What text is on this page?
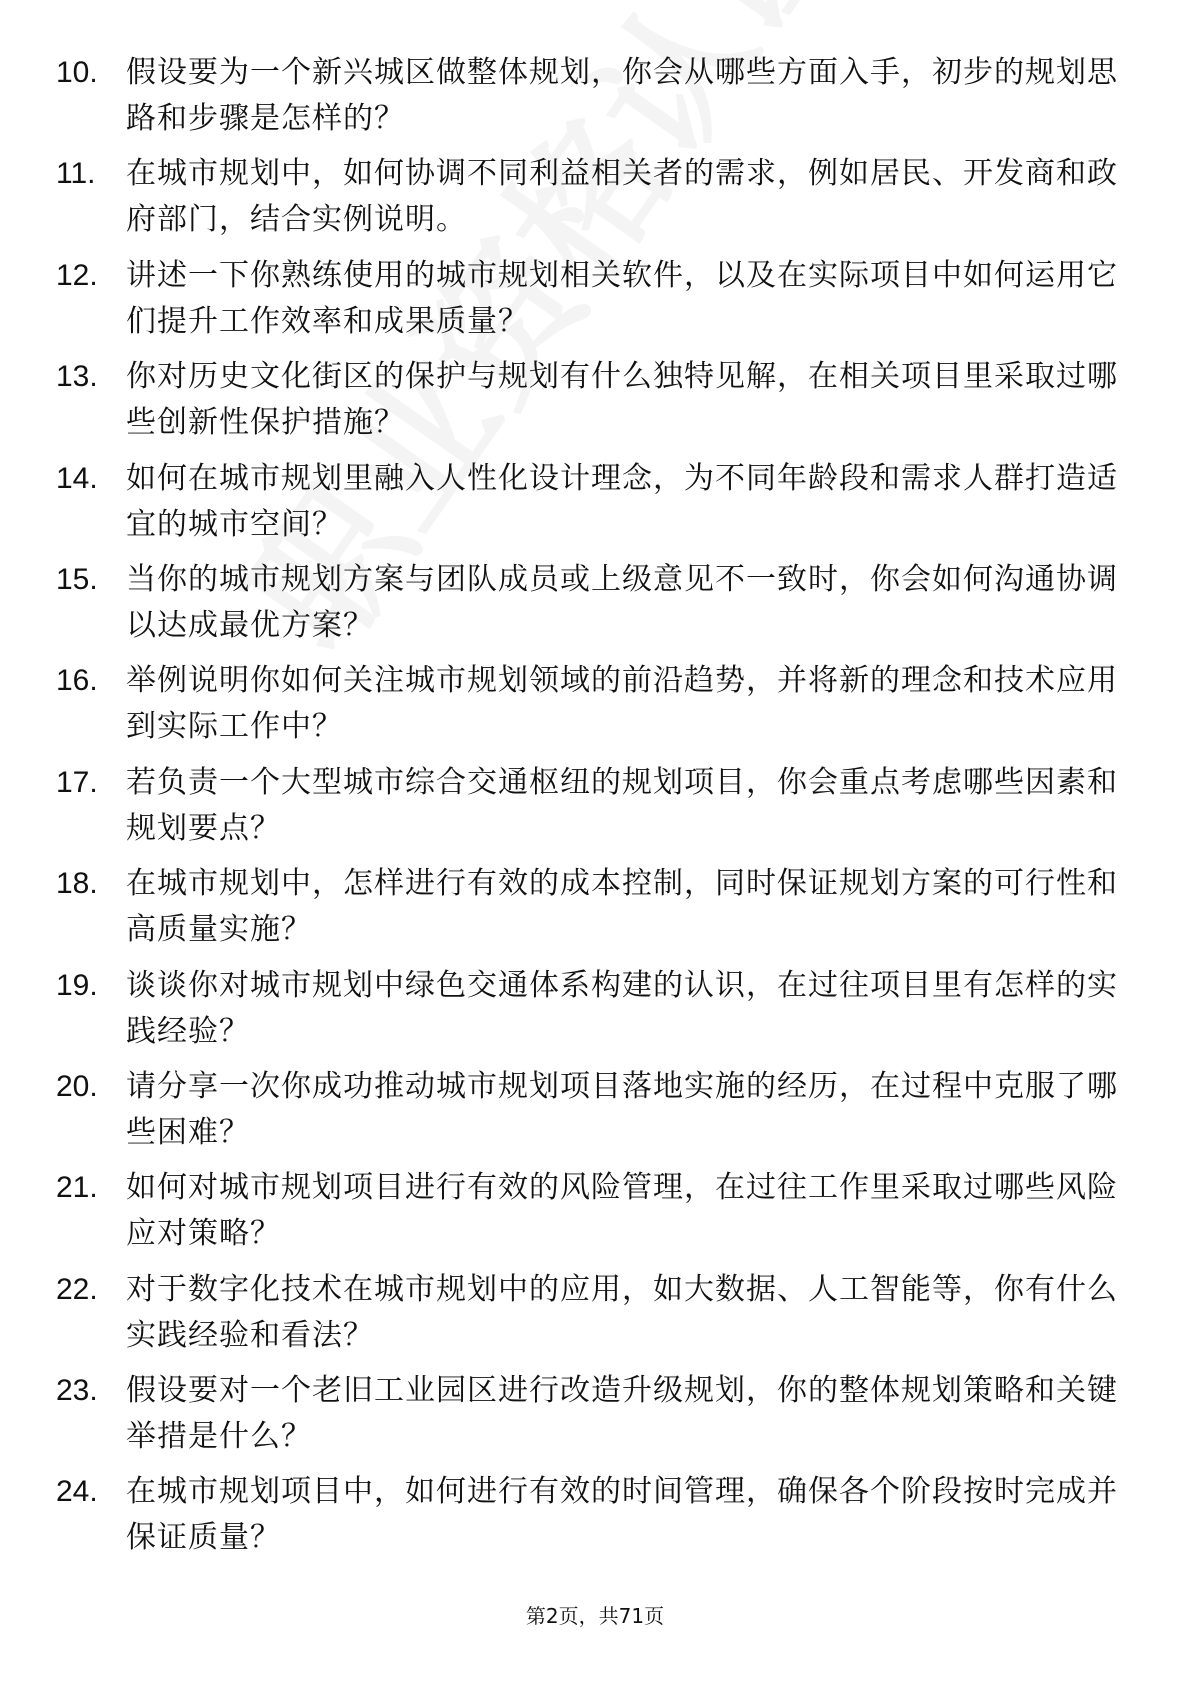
10. 假设要为一个新兴城区做整体规划，你会从哪些方面入手，初步的规划思路和步骤是怎样的？
11. 在城市规划中，如何协调不同利益相关者的需求，例如居民、开发商和政府部门，结合实例说明。
12. 讲述一下你熟练使用的城市规划相关软件，以及在实际项目中如何运用它们提升工作效率和成果质量？
13. 你对历史文化街区的保护与规划有什么独特见解，在相关项目里采取过哪些创新性保护措施？
14. 如何在城市规划里融入人性化设计理念，为不同年龄段和需求人群打造适宜的城市空间？
15. 当你的城市规划方案与团队成员或上级意见不一致时，你会如何沟通协调以达成最优方案？
16. 举例说明你如何关注城市规划领域的前沿趋势，并将新的理念和技术应用到实际工作中？
17. 若负责一个大型城市综合交通枢纽的规划项目，你会重点考虑哪些因素和规划要点？
18. 在城市规划中，怎样进行有效的成本控制，同时保证规划方案的可行性和高质量实施？
19. 谈谈你对城市规划中绿色交通体系构建的认识，在过往项目里有怎样的实践经验？
20. 请分享一次你成功推动城市规划项目落地实施的经历，在过程中克服了哪些困难？
21. 如何对城市规划项目进行有效的风险管理，在过往工作里采取过哪些风险应对策略？
22. 对于数字化技术在城市规划中的应用，如大数据、人工智能等，你有什么实践经验和看法？
23. 假设要对一个老旧工业园区进行改造升级规划，你的整体规划策略和关键举措是什么？
24. 在城市规划项目中，如何进行有效的时间管理，确保各个阶段按时完成并保证质量？
第2页，共71页
